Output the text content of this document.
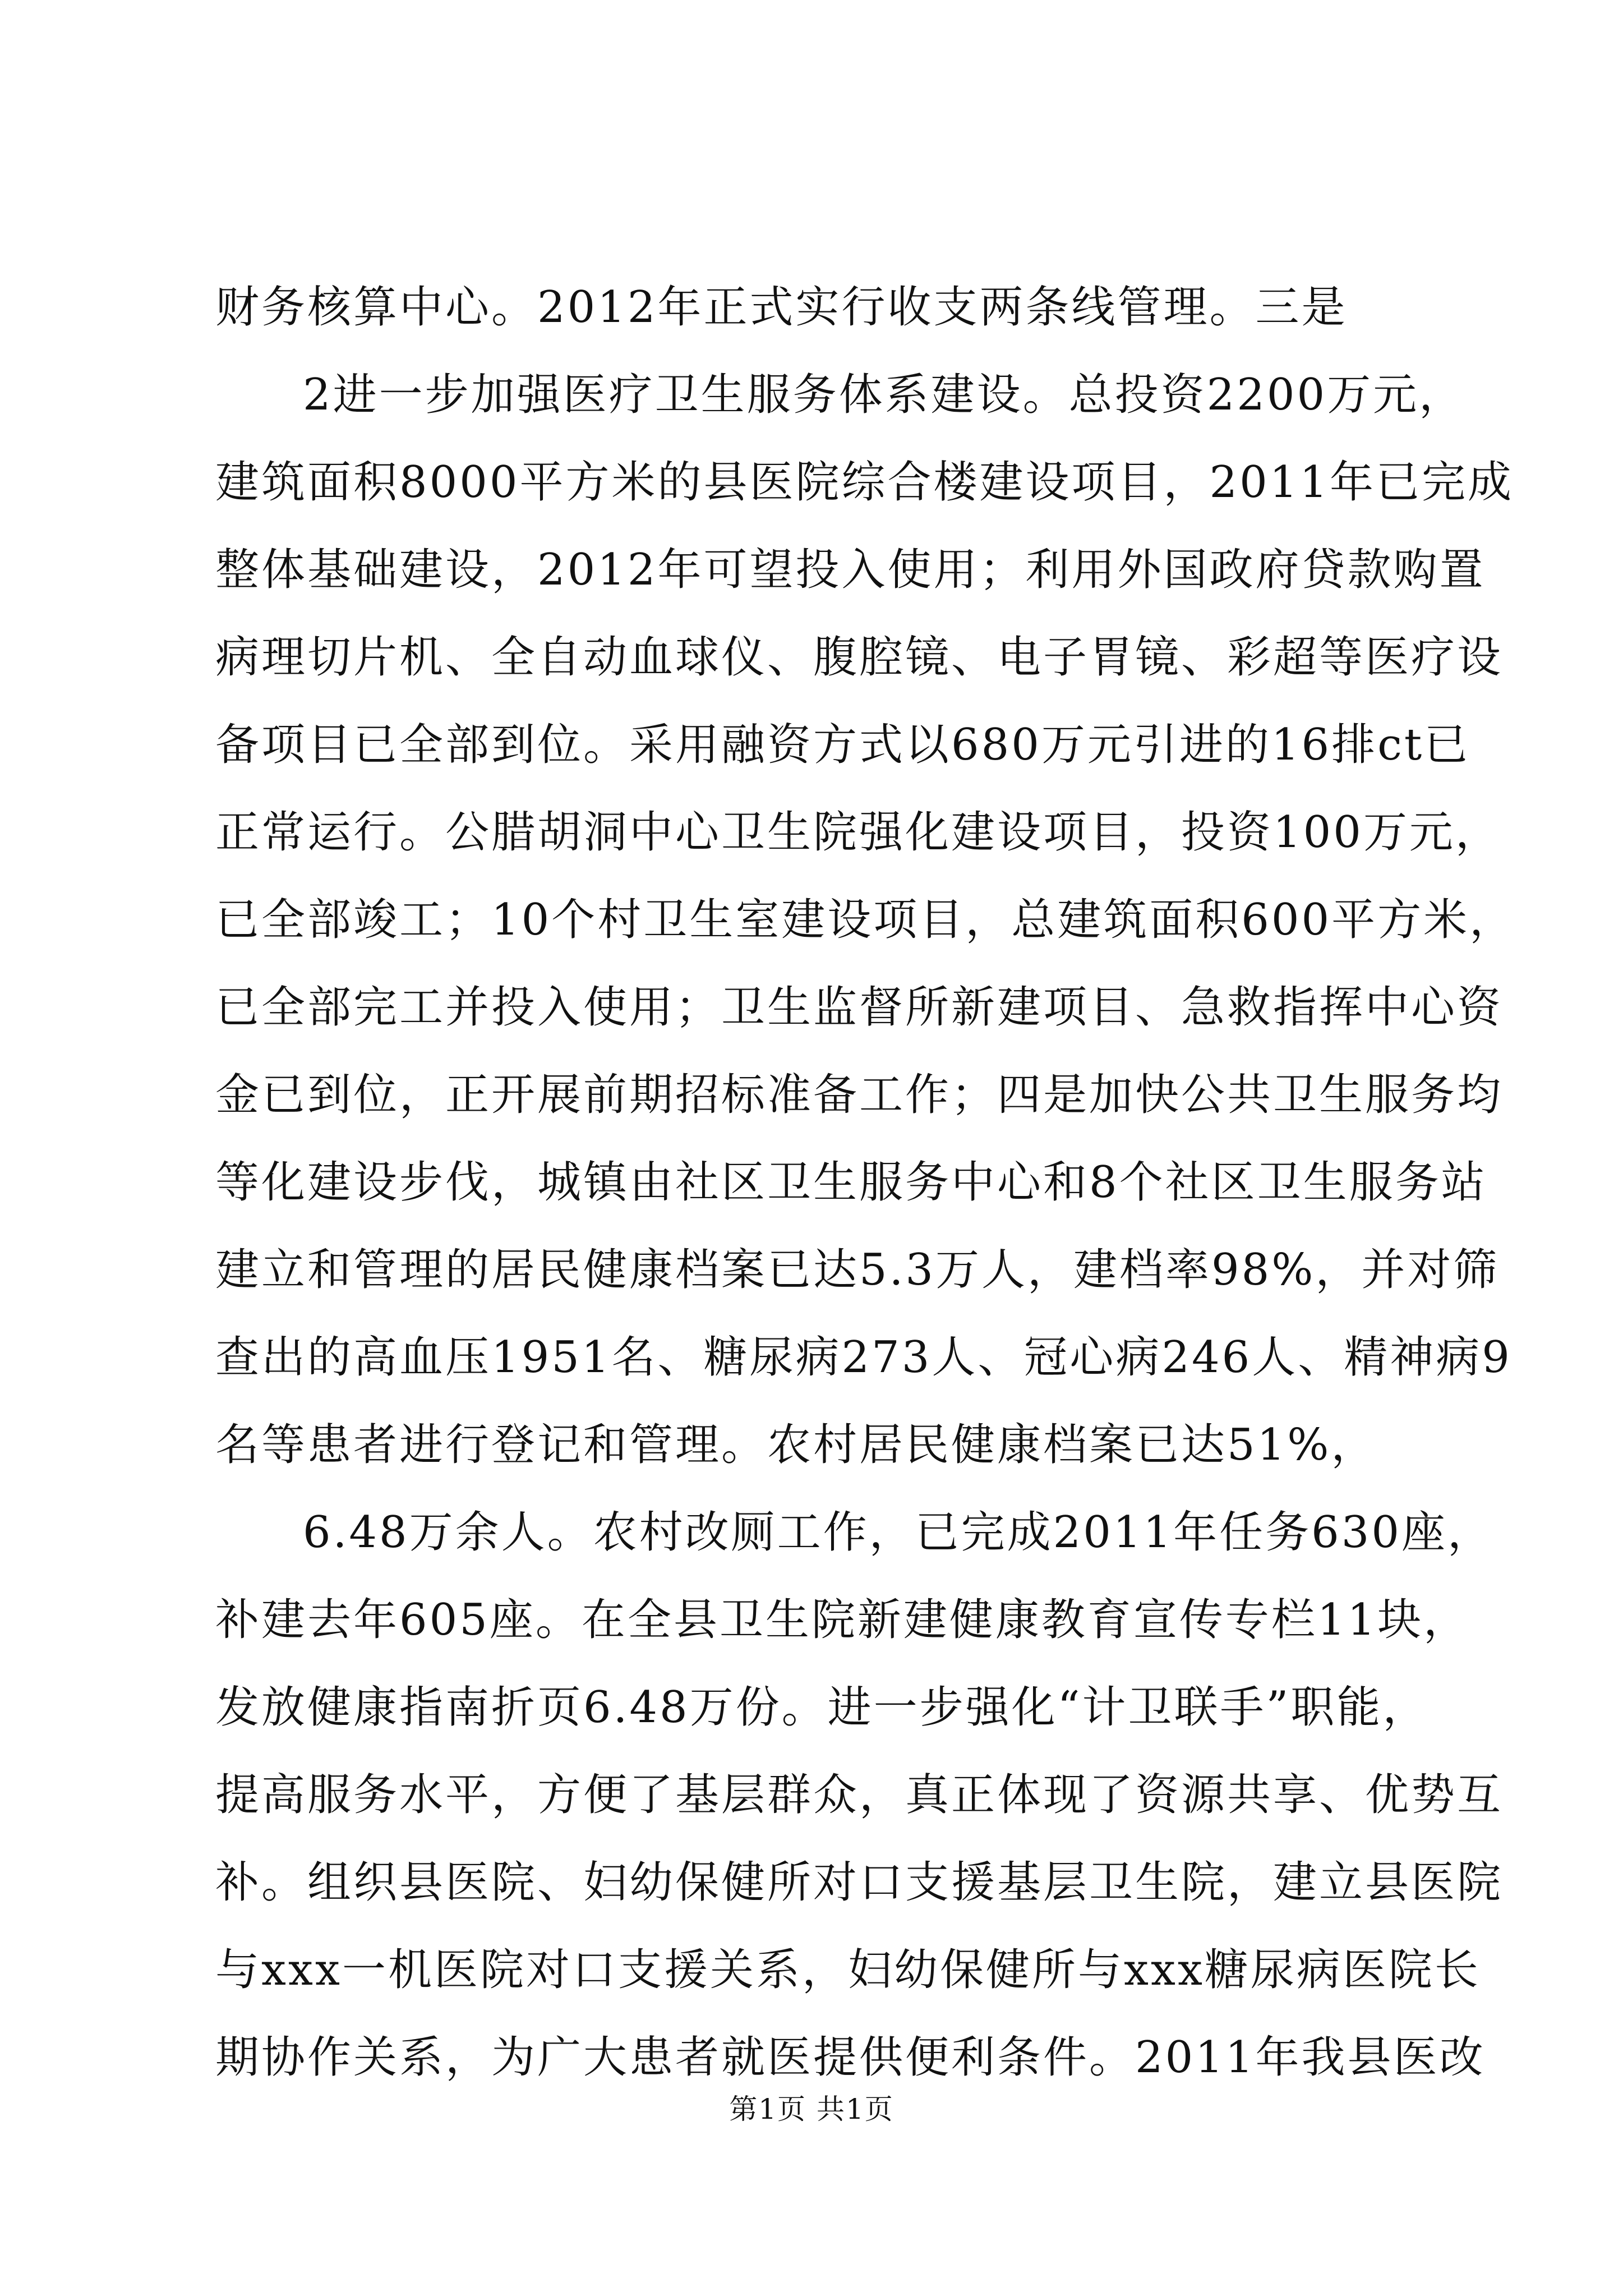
财务核算中心。2012年正式实行收支两条线管理。三是
2进一步加强医疗卫生服务体系建设。总投资2200万元，
建筑面积8000平方米的县医院综合楼建设项目，2011年已完成
整体基础建设，2012年可望投入使用；利用外国政府贷款购置
病理切片机、全自动血球仪、腹腔镜、电子胃镜、彩超等医疗设
备项目已全部到位。采用融资方式以680万元引进的16排ct已
正常运行。公腊胡洞中心卫生院强化建设项目，投资100万元，
已全部竣工；10个村卫生室建设项目，总建筑面积600平方米，
已全部完工并投入使用；卫生监督所新建项目、急救指挥中心资
金已到位，正开展前期招标准备工作；四是加快公共卫生服务均
等化建设步伐，城镇由社区卫生服务中心和8个社区卫生服务站
建立和管理的居民健康档案已达5.3万人，建档率98%，并对筛
查出的高血压1951名、糖尿病273人、冠心病246人、精神病9
名等患者进行登记和管理。农村居民健康档案已达51%，
6.48万余人。农村改厕工作，已完成2011年任务630座，
补建去年605座。在全县卫生院新建健康教育宣传专栏11块，
发放健康指南折页6.48万份。进一步强化“计卫联手”职能，
提高服务水平，方便了基层群众，真正体现了资源共享、优势互
补。组织县医院、妇幼保健所对口支援基层卫生院，建立县医院
与xxx一机医院对口支援关系，妇幼保健所与xxx糖尿病医院长
期协作关系，为广大患者就医提供便利条件。2011年我县医改
第1页 共1页
